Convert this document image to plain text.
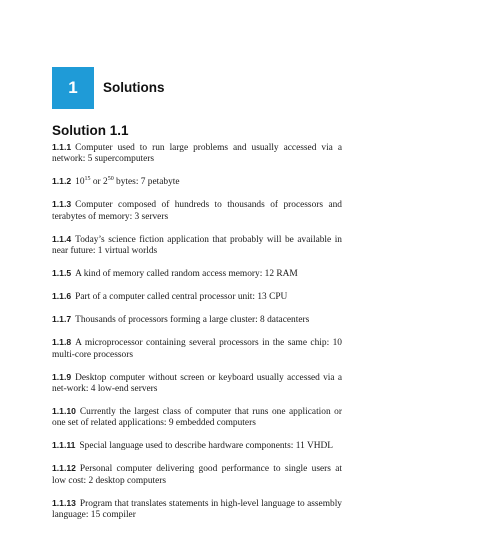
1 Solutions
Solution 1.1

1.1.1 Computer used to run large problems and usually accessed via a network: 5 supercomputers

1.1.2 $10^{15}$ or $2^{50}$ bytes: 7 petabyte

1.1.3 Computer composed of hundreds to thousands of processors and terabytes of memory: 3 servers

1.1.4 Today’s science fiction application that probably will be available in near future: 1 virtual worlds

1.1.5 A kind of memory called random access memory: 12 RAM

1.1.6 Part of a computer called central processor unit: 13 CPU

1.1.7 Thousands of processors forming a large cluster: 8 datacenters

1.1.8 A microprocessor containing several processors in the same chip: 10 multi-core processors

1.1.9 Desktop computer without screen or keyboard usually accessed via a net-work: 4 low-end servers

1.1.10 Currently the largest class of computer that runs one application or one set of related applications: 9 embedded computers

1.1.11 Special language used to describe hardware components: 11 VHDL

1.1.12 Personal computer delivering good performance to single users at low cost: 2 desktop computers

1.1.13 Program that translates statements in high-level language to assembly language: 15 compiler
